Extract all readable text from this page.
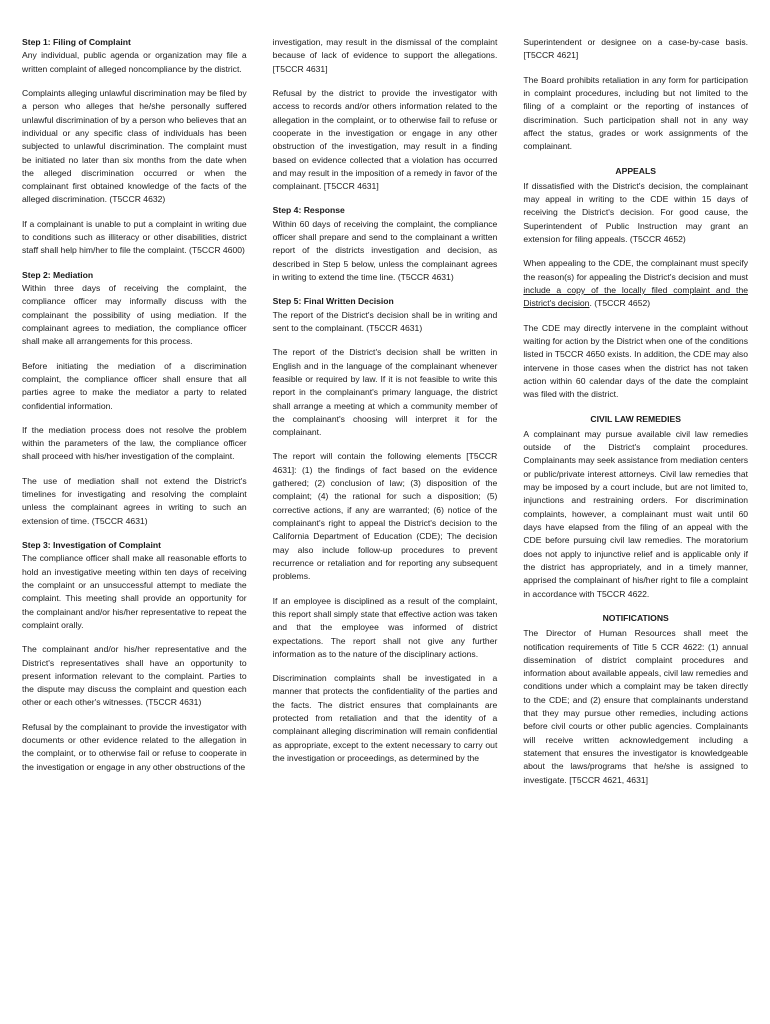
Step 1: Filing of Complaint
Any individual, public agenda or organization may file a written complaint of alleged noncompliance by the district.

Complaints alleging unlawful discrimination may be filed by a person who alleges that he/she personally suffered unlawful discrimination of by a person who believes that an individual or any specific class of individuals has been subjected to unlawful discrimination. The complaint must be initiated no later than six months from the date when the alleged discrimination occurred or when the complainant first obtained knowledge of the facts of the alleged discrimination. (T5CCR 4632)

If a complainant is unable to put a complaint in writing due to conditions such as illiteracy or other disabilities, district staff shall help him/her to file the complaint. (T5CCR 4600)

Step 2: Mediation
Within three days of receiving the complaint, the compliance officer may informally discuss with the complainant the possibility of using mediation. If the complainant agrees to mediation, the compliance officer shall make all arrangements for this process.

Before initiating the mediation of a discrimination complaint, the compliance officer shall ensure that all parties agree to make the mediator a party to related confidential information.

If the mediation process does not resolve the problem within the parameters of the law, the compliance officer shall proceed with his/her investigation of the complaint.

The use of mediation shall not extend the District's timelines for investigating and resolving the complaint unless the complainant agrees in writing to such an extension of time. (T5CCR 4631)

Step 3: Investigation of Complaint
The compliance officer shall make all reasonable efforts to hold an investigative meeting within ten days of receiving the complaint or an unsuccessful attempt to mediate the complaint. This meeting shall provide an opportunity for the complainant and/or his/her representative to repeat the complaint orally.

The complainant and/or his/her representative and the District's representatives shall have an opportunity to present information relevant to the complaint. Parties to the dispute may discuss the complaint and question each other or each other's witnesses. (T5CCR 4631)

Refusal by the complainant to provide the investigator with documents or other evidence related to the allegation in the complaint, or to otherwise fail or refuse to cooperate in the investigation or engage in any other obstructions of the

investigation, may result in the dismissal of the complaint because of lack of evidence to support the allegations. [T5CCR 4631]

Refusal by the district to provide the investigator with access to records and/or others information related to the allegation in the complaint, or to otherwise fail to refuse or cooperate in the investigation or engage in any other obstruction of the investigation, may result in a finding based on evidence collected that a violation has occurred and may result in the imposition of a remedy in favor of the complainant. [T5CCR 4631]

Step 4: Response
Within 60 days of receiving the complaint, the compliance officer shall prepare and send to the complainant a written report of the districts investigation and decision, as described in Step 5 below, unless the complainant agrees in writing to extend the time line. (T5CCR 4631)

Step 5: Final Written Decision
The report of the District's decision shall be in writing and sent to the complainant. (T5CCR 4631)

The report of the District's decision shall be written in English and in the language of the complainant whenever feasible or required by law. If it is not feasible to write this report in the complainant's primary language, the district shall arrange a meeting at which a community member of the complainant's choosing will interpret it for the complainant.

The report will contain the following elements [T5CCR 4631]: (1) the findings of fact based on the evidence gathered; (2) conclusion of law; (3) disposition of the complaint; (4) the rational for such a disposition; (5) corrective actions, if any are warranted; (6) notice of the complainant's right to appeal the District's decision to the California Department of Education (CDE); The decision may also include follow-up procedures to prevent recurrence or retaliation and for reporting any subsequent problems.

If an employee is disciplined as a result of the complaint, this report shall simply state that effective action was taken and that the employee was informed of district expectations. The report shall not give any further information as to the nature of the disciplinary actions.

Discrimination complaints shall be investigated in a manner that protects the confidentiality of the parties and the facts. The district ensures that complainants are protected from retaliation and that the identity of a complainant alleging discrimination will remain confidential as appropriate, except to the extent necessary to carry out the investigation or proceedings, as determined by the

Superintendent or designee on a case-by-case basis. [T5CCR 4621]

The Board prohibits retaliation in any form for participation in complaint procedures, including but not limited to the filing of a complaint or the reporting of instances of discrimination. Such participation shall not in any way affect the status, grades or work assignments of the complainant.

APPEALS

If dissatisfied with the District's decision, the complainant may appeal in writing to the CDE within 15 days of receiving the District's decision. For good cause, the Superintendent of Public Instruction may grant an extension for filing appeals. (T5CCR 4652)

When appealing to the CDE, the complainant must specify the reason(s) for appealing the District's decision and must include a copy of the locally filed complaint and the District's decision. (T5CCR 4652)

The CDE may directly intervene in the complaint without waiting for action by the District when one of the conditions listed in T5CCR 4650 exists. In addition, the CDE may also intervene in those cases when the district has not taken action within 60 calendar days of the date the complaint was filed with the district.

CIVIL LAW REMEDIES

A complainant may pursue available civil law remedies outside of the District's complaint procedures. Complainants may seek assistance from mediation centers or public/private interest attorneys. Civil law remedies that may be imposed by a court include, but are not limited to, injunctions and restraining orders. For discrimination complaints, however, a complainant must wait until 60 days have elapsed from the filing of an appeal with the CDE before pursuing civil law remedies. The moratorium does not apply to injunctive relief and is applicable only if the district has appropriately, and in a timely manner, apprised the complainant of his/her right to file a complaint in accordance with T5CCR 4622.

NOTIFICATIONS

The Director of Human Resources shall meet the notification requirements of Title 5 CCR 4622: (1) annual dissemination of district complaint procedures and information about available appeals, civil law remedies and conditions under which a complaint may be taken directly to the CDE; and (2) ensure that complainants understand that they may pursue other remedies, including actions before civil courts or other public agencies. Complainants will receive written acknowledgement including a statement that ensures the investigator is knowledgeable about the laws/programs that he/she is assigned to investigate. [T5CCR 4621, 4631]
